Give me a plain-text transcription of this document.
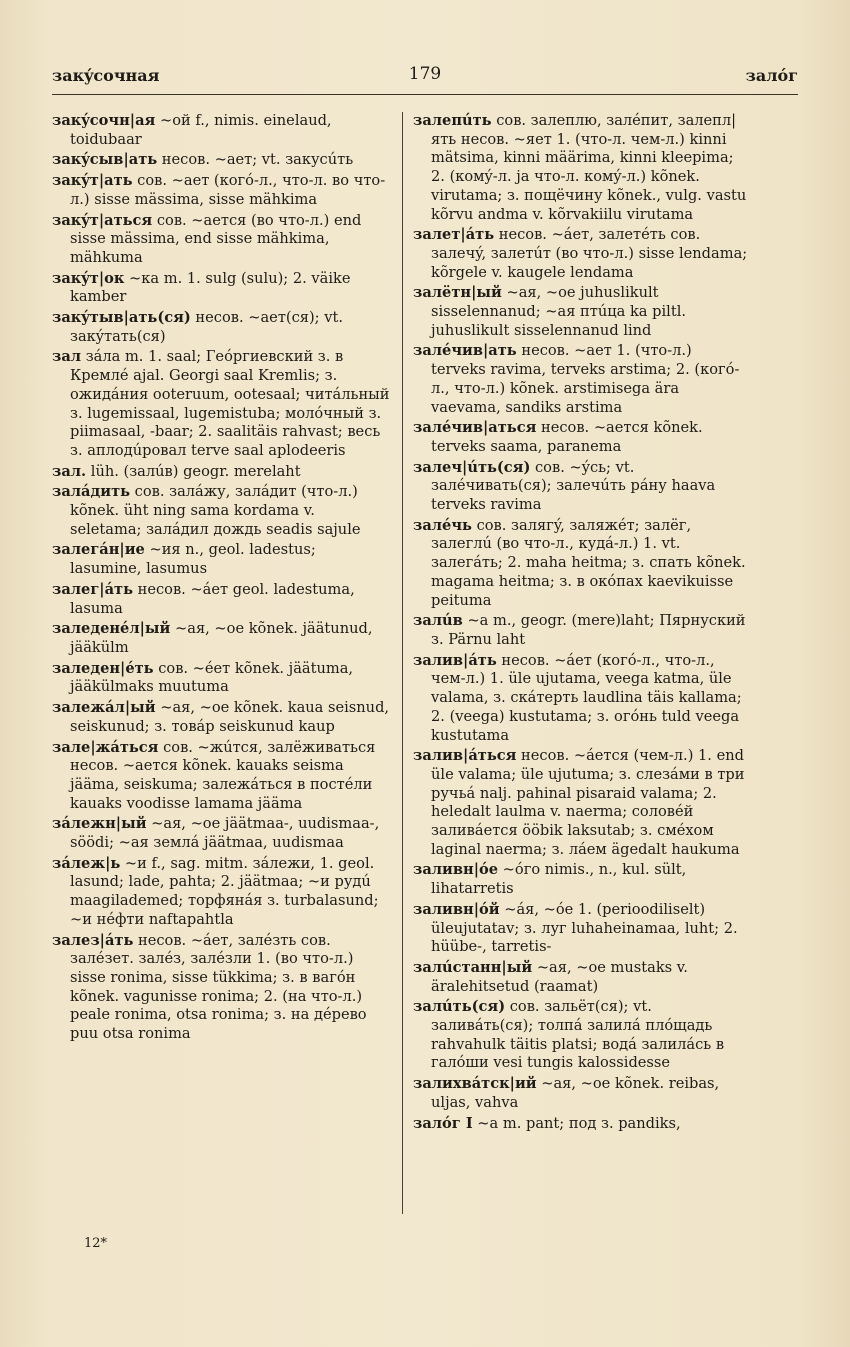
закýсочная	179	залóг

закýсочн|ая ~ой f., nimis. einelaud, toidubaar

закýсыв|ать несов. ~ает; vt. закусúть

закýт|ать сов. ~ает (когó-л., что-л. во что-л.) sisse mässima, sisse mähkima

закýт|аться сов. ~ается (во что-л.) end sisse mässima, end sisse mähkima, mähkuma

закýт|ок ~ка m. 1. sulg (sulu); 2. väike kamber

закýтыв|ать(ся) несов. ~ает(ся); vt. закýтать(ся)

зал зáла m. 1. saal; Геóргиевский з. в Кремлé ajal. Georgi saal Kremlis; з. ожидáния ooteruum, ootesaal; читáльный з. lugemissaal, lugemistuba; молóчный з. piimasaal, -baar; 2. saalitäis rahvast; весь з. аплодúровал terve saal aplodeeris

зал. lüh. (залúв) geogr. merelaht

залáдить сов. залáжу, залáдит (что-л.) kõnek. üht ning sama kordama v. seletama; залáдил дождь seadis sajule

залегáн|ие ~ия n., geol. ladestus; lasumine, lasumus

залег|áть несов. ~áет geol. ladestuma, lasuma

заледенéл|ый ~ая, ~ое kõnek. jäätunud, jääkülm

заледен|éть сов. ~éет kõnek. jäätuma, jääkülmaks muutuma

залежáл|ый ~ая, ~ое kõnek. kaua seisnud, seiskunud; з. товáр seiskunud kaup

зале|жáться сов. ~жúтся, залёживаться несов. ~ается kõnek. kauaks seisma jääma, seiskuma; залежáться в постéли kauaks voodisse lamama jääma

зáлежн|ый ~ая, ~ое jäätmaa-, uudismaa-, söödi; ~ая землá jäätmaa, uudismaa

зáлеж|ь ~и f., sag. mitm. зáлежи, 1. geol. lasund; lade, pahta; 2. jäätmaa; ~и рудú maagilademed; торфянáя з. turbalasund; ~и нéфти naftapahtla

залез|áть несов. ~áет, залéзть сов. залéзет. залéз, залéзли 1. (во что-л.) sisse ronima, sisse tükkima; з. в вагóн kõnek. vagunisse ronima; 2. (на что-л.) peale ronima, otsa ronima; з. на дéрево puu otsa ronima

залепúть сов. залеплю, залéпит, залепл|ять несов. ~яет 1. (что-л. чем-л.) kinni mätsima, kinni määrima, kinni kleepima; 2. (комý-л. ja что-л. комý-л.) kõnek. virutama; з. пощёчину kõnek., vulg. vastu kõrvu andma v. kõrvakiilu virutama

залет|áть несов. ~áет, залетéть сов. залечý, залетúт (во что-л.) sisse lendama; kõrgele v. kaugele lendama

залётн|ый ~ая, ~ое juhuslikult sisselennanud; ~ая птúца ka piltl. juhuslikult sisselennanud lind

залéчив|ать несов. ~ает 1. (что-л.) terveks ravima, terveks arstima; 2. (когó-л., что-л.) kõnek. arstimisega ära vaevama, sandiks arstima

залéчив|аться несов. ~ается kõnek. terveks saama, paranema

залеч|úть(ся) сов. ~ýсь; vt. залéчивать(ся); залечúть рáну haava terveks ravima

залéчь сов. залягý, заляжéт; залёг, залеглú (во что-л., кудá-л.) 1. vt. залегáть; 2. maha heitma; з. спать kõnek. magama heitma; з. в окóпах kaevikuisse peituma

залúв ~а m., geogr. (mere)laht; Пярнуский з. Pärnu laht

залив|áть несов. ~áет (когó-л., что-л., чем-л.) 1. üle ujutama, veega katma, üle valama, з. скáтерть laudlina täis kallama; 2. (veega) kustutama; з. огóнь tuld veega kustutama

залив|áться несов. ~áется (чем-л.) 1. end üle valama; üle ujutuma; з. слезáми в три ручьá nalj. pahinal pisaraid valama; 2. heledalt laulma v. naerma; соловéй заливáется ööbik laksutab; з. смéхом laginal naerma; з. лáем ägedalt haukuma

заливн|óе ~óго nimis., n., kul. sült, lihatarretis

заливн|óй ~áя, ~óе 1. (perioodiliselt) üleujutatav; з. луг luhaheinamaa, luht; 2. hüübe-, tarretis-

залúстанн|ый ~ая, ~ое mustaks v. äralehitsetud (raamat)

залúть(ся) сов. зальёт(ся); vt. заливáть(ся); толпá залилá плóщадь rahvahulk täitis platsi; водá залилáсь в галóши vesi tungis kalossidesse

залихвáтск|ий ~ая, ~ое kõnek. reibas, uljas, vahva

залóг I ~а m. pant; под з. pandiks,

12*
